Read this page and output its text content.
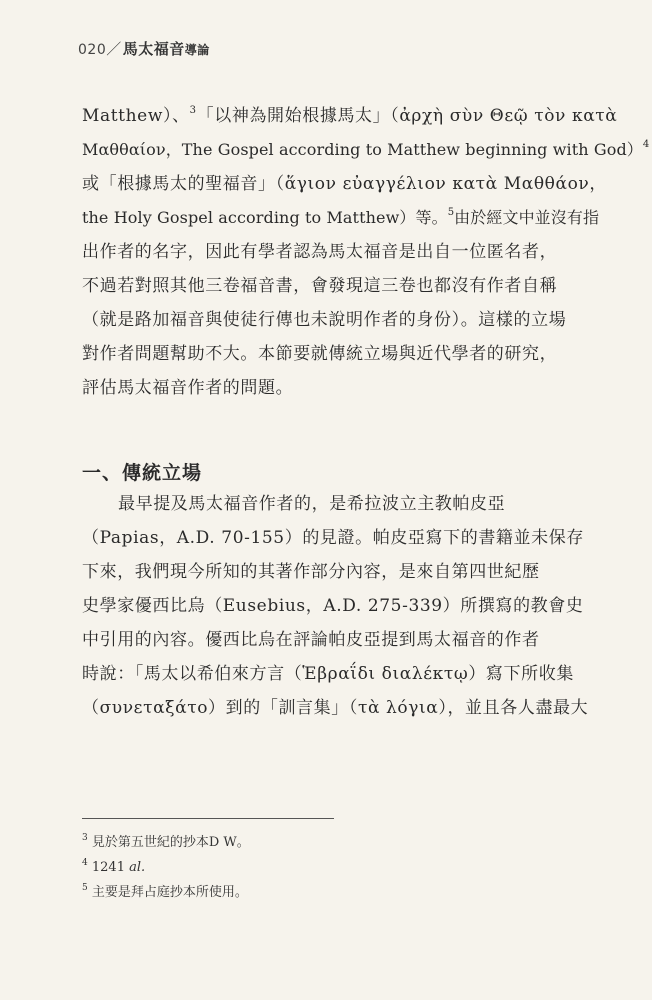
020／馬太福音導論
Matthew）、$^3$「以神為開始根據馬太」（ἀρχὴ σὺν Θεῷ τὸν κατὰ
Μαθθαίον，The Gospel according to Matthew beginning with God）$^4$
或「根據馬太的聖福音」（ἅγιον εὐαγγέλιον κατὰ Μαθθάον，
the Holy Gospel according to Matthew）等。$^5$由於經文中並沒有指
出作者的名字，因此有學者認為馬太福音是出自一位匿名者，
不過若對照其他三卷福音書，會發現這三卷也都沒有作者自稱
（就是路加福音與使徒行傳也未說明作者的身份）。這樣的立場
對作者問題幫助不大。本節要就傳統立場與近代學者的研究，
評估馬太福音作者的問題。
一、傳統立場
最早提及馬太福音作者的，是希拉波立主教帕皮亞
（Papias，A.D. 70-155）的見證。帕皮亞寫下的書籍並未保存
下來，我們現今所知的其著作部分內容，是來自第四世紀歷
史學家優西比烏（Eusebius，A.D. 275-339）所撰寫的教會史
中引用的內容。優西比烏在評論帕皮亞提到馬太福音的作者
時說：「馬太以希伯來方言（Ἑβραΐδι διαλέκτῳ）寫下所收集
（συνεταξάτο）到的「訓言集」（τὰ λόγια），並且各人盡最大
$^3$ 見於第五世紀的抄本D W。
$^4$ 1241 al.
$^5$ 主要是拜占庭抄本所使用。
